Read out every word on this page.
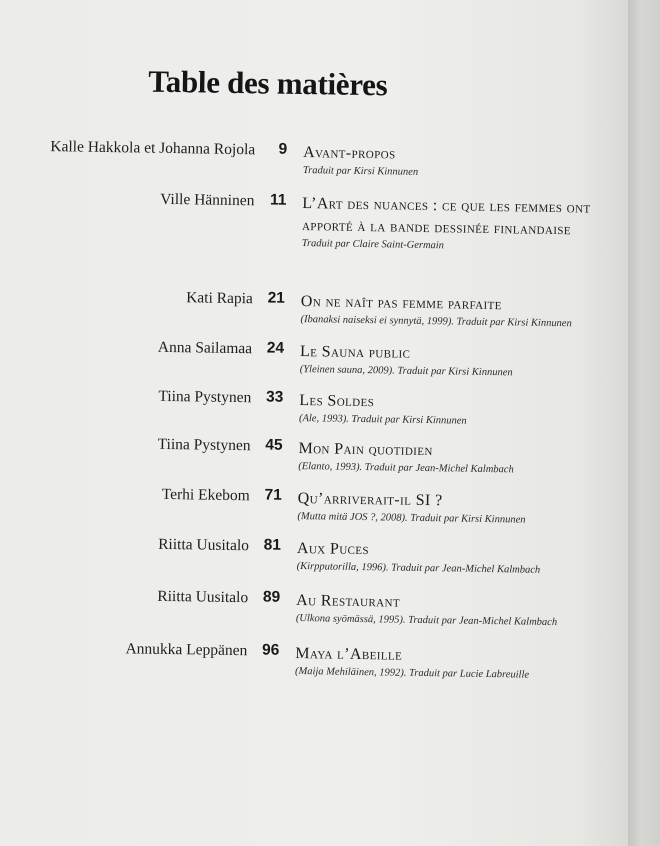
Table des matières
Kalle Hakkola et Johanna Rojola 9 Avant-propos
Traduit par Kirsi Kinnunen
Ville Hänninen 11 L’Art des nuances : ce que les femmes ont
apporté à la bande dessinée finlandaise
Traduit par Claire Saint-Germain
Kati Rapia 21 On ne naît pas femme parfaite
(Ibanaksi naiseksi ei synnytä, 1999). Traduit par Kirsi Kinnunen
Anna Sailamaa 24 Le Sauna public
(Yleinen sauna, 2009). Traduit par Kirsi Kinnunen
Tiina Pystynen 33 Les Soldes
(Ale, 1993). Traduit par Kirsi Kinnunen
Tiina Pystynen 45 Mon Pain quotidien
(Elanto, 1993). Traduit par Jean-Michel Kalmbach
Terhi Ekebom 71 Qu’arriverait-il SI ?
(Mutta mitä JOS ?, 2008). Traduit par Kirsi Kinnunen
Riitta Uusitalo 81 Aux Puces
(Kirpputorilla, 1996). Traduit par Jean-Michel Kalmbach
Riitta Uusitalo 89 Au Restaurant
(Ulkona syömässä, 1995). Traduit par Jean-Michel Kalmbach
Annukka Leppänen 96 Maya l’Abeille
(Maija Mehiläinen, 1992). Traduit par Lucie Labreuille
